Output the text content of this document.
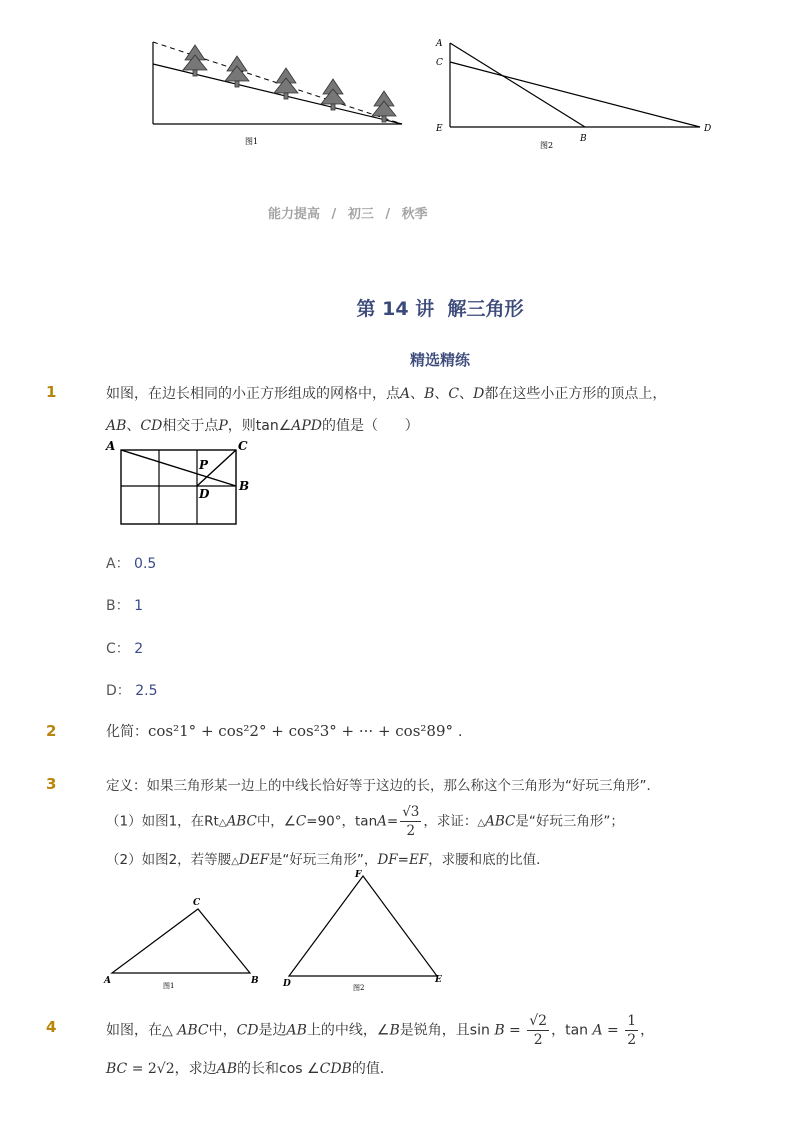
图1
A
C
E
B
D
图2
能力提高 / 初三 / 秋季
第 14 讲  解三角形
精选精练
1	如图，在边长相同的小正方形组成的网格中，点A、B、C、D都在这些小正方形的顶点上，
AB、CD相交于点P，则tan∠APD的值是（      ）
A	C
P
D
B
A： 0.5
B： 1
C： 2
D： 2.5
2	化简：cos²1° + cos²2° + cos²3° + ··· + cos²89° .
3	定义：如果三角形某一边上的中线长恰好等于这边的长，那么称这个三角形为“好玩三角形”．
（1）如图1，在Rt△ABC中，∠C=90°，$\tan A= \frac{√3}{2}$ ，求证：△ABC是“好玩三角形”；
（2）如图2，若等腰△DEF是“好玩三角形”，DF=EF，求腰和底的比值．
C
A	B
图1
F
D	E
图2
4	如图，在△ ABC中，CD是边AB上的中线，∠B是锐角，且$\sin B = \frac{√2}{2}$ ，$\tan A = \frac{1}{2}$ ，
BC = 2√2，求边AB的长和cos ∠CDB的值．
